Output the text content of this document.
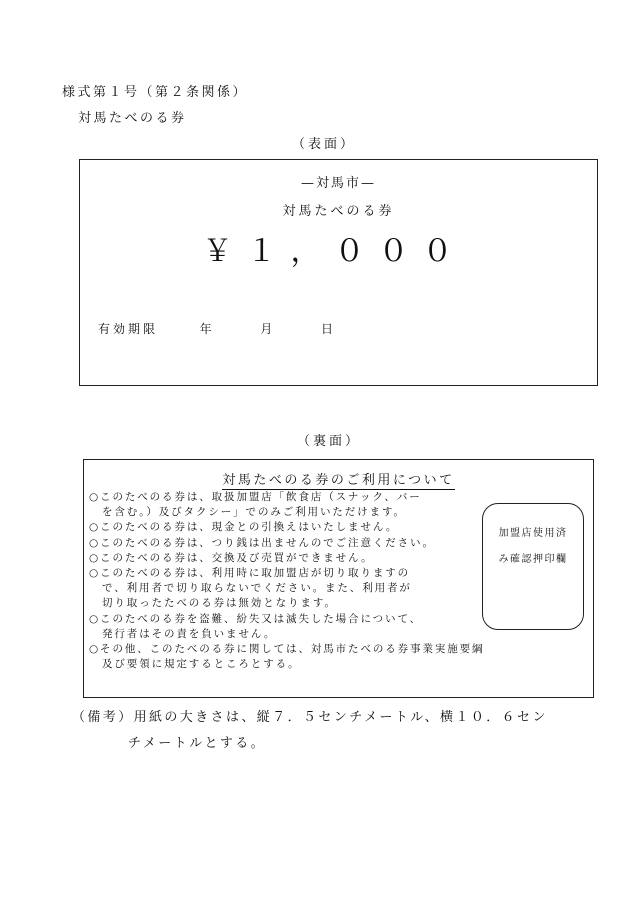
様式第１号（第２条関係）
対馬たべのる券
（表面）
—対馬市—
対馬たべのる券
￥１，０００
有効期限	年	月	日
（裏面）
対馬たべのる券のご利用について
○このたべのる券は、取扱加盟店「飲食店（スナック、バー
を含む。）及びタクシー」でのみご利用いただけます。
○このたべのる券は、現金との引換えはいたしません。
○このたべのる券は、つり銭は出ませんのでご注意ください。
○このたべのる券は、交換及び売買ができません。
○このたべのる券は、利用時に取加盟店が切り取りますの
で、利用者で切り取らないでください。また、利用者が
切り取ったたべのる券は無効となります。
○このたべのる券を盗難、紛失又は滅失した場合について、
発行者はその責を負いません。
○その他、このたべのる券に関しては、対馬市たべのる券事業実施要綱
及び要領に規定するところとする。
加盟店使用済
み確認押印欄
（備考）用紙の大きさは、縦７．５センチメートル、横１０．６セン
チメートルとする。
